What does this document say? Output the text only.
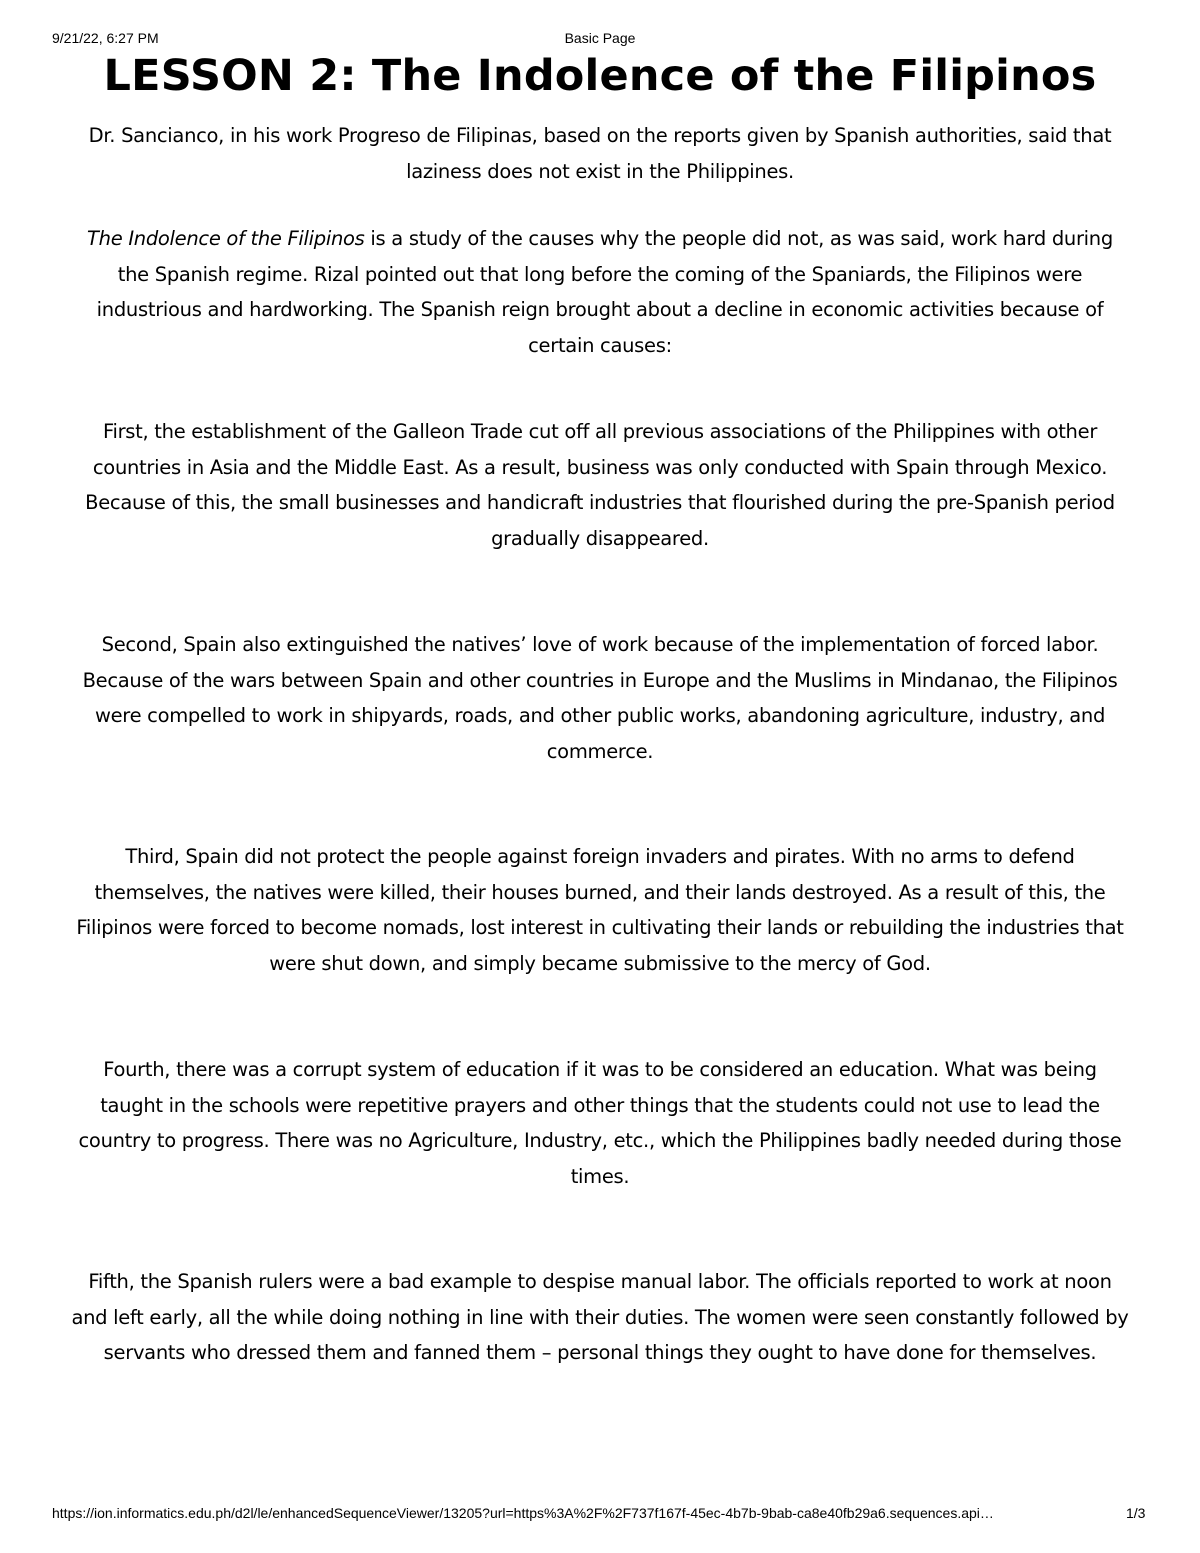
9/21/22, 6:27 PM	Basic Page
LESSON 2: The Indolence of the Filipinos

Dr. Sancianco, in his work Progreso de Filipinas, based on the reports given by Spanish authorities, said that laziness does not exist in the Philippines.

The Indolence of the Filipinos is a study of the causes why the people did not, as was said, work hard during the Spanish regime. Rizal pointed out that long before the coming of the Spaniards, the Filipinos were industrious and hardworking. The Spanish reign brought about a decline in economic activities because of certain causes:

First, the establishment of the Galleon Trade cut off all previous associations of the Philippines with other countries in Asia and the Middle East. As a result, business was only conducted with Spain through Mexico. Because of this, the small businesses and handicraft industries that flourished during the pre-Spanish period gradually disappeared.

Second, Spain also extinguished the natives’ love of work because of the implementation of forced labor. Because of the wars between Spain and other countries in Europe and the Muslims in Mindanao, the Filipinos were compelled to work in shipyards, roads, and other public works, abandoning agriculture, industry, and commerce.

Third, Spain did not protect the people against foreign invaders and pirates. With no arms to defend themselves, the natives were killed, their houses burned, and their lands destroyed. As a result of this, the Filipinos were forced to become nomads, lost interest in cultivating their lands or rebuilding the industries that were shut down, and simply became submissive to the mercy of God.

Fourth, there was a corrupt system of education if it was to be considered an education. What was being taught in the schools were repetitive prayers and other things that the students could not use to lead the country to progress. There was no Agriculture, Industry, etc., which the Philippines badly needed during those times.

Fifth, the Spanish rulers were a bad example to despise manual labor. The officials reported to work at noon and left early, all the while doing nothing in line with their duties. The women were seen constantly followed by servants who dressed them and fanned them – personal things they ought to have done for themselves.

https://ion.informatics.edu.ph/d2l/le/enhancedSequenceViewer/13205?url=https%3A%2F%2F737f167f-45ec-4b7b-9bab-ca8e40fb29a6.sequences.api…	1/3
